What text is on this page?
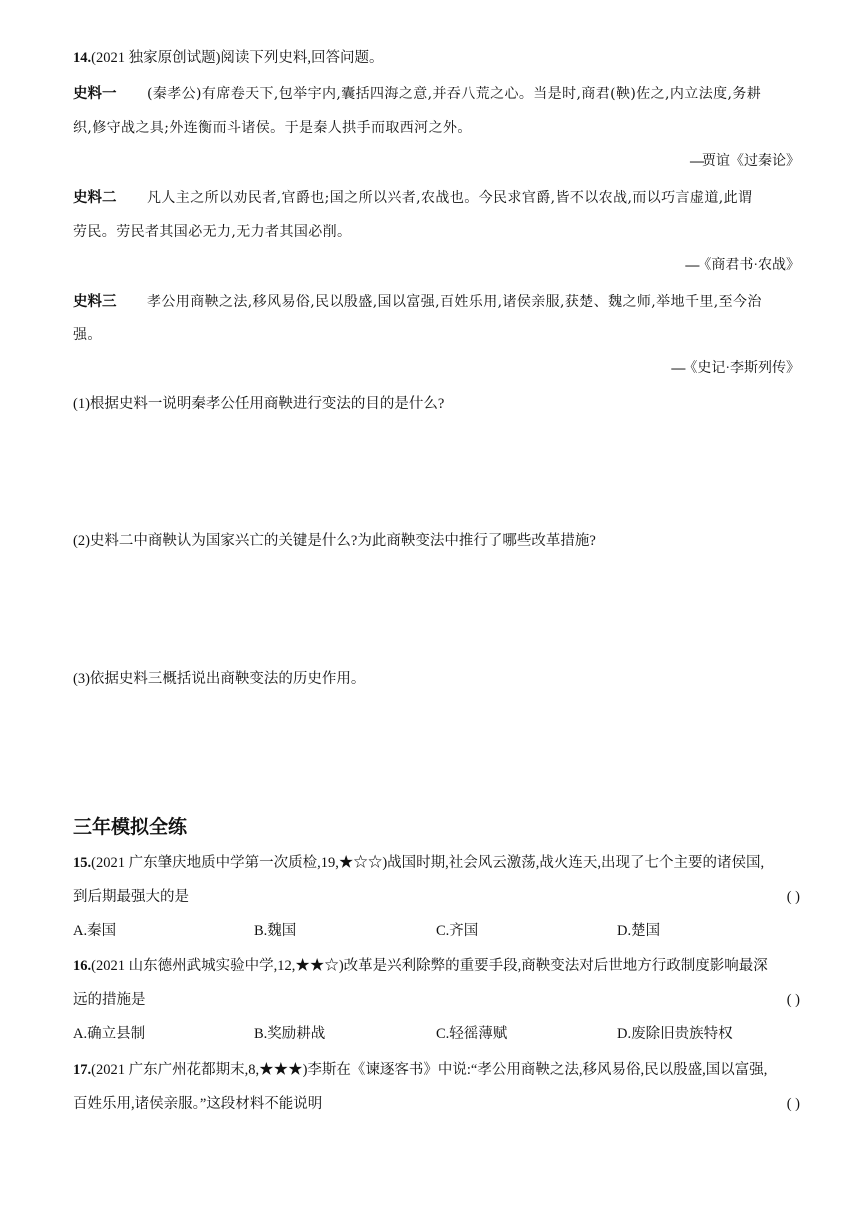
14.(2021 独家原创试题)阅读下列史料,回答问题。
史料一 (秦孝公)有席卷天下,包举宇内,囊括四海之意,并吞八荒之心。当是时,商君(鞅)佐之,内立法度,务耕
织,修守战之具;外连衡而斗诸侯。于是秦人拱手而取西河之外。
—贾谊《过秦论》
史料二 凡人主之所以劝民者,官爵也;国之所以兴者,农战也。今民求官爵,皆不以农战,而以巧言虚道,此谓
劳民。劳民者其国必无力,无力者其国必削。
—《商君书·农战》
史料三 孝公用商鞅之法,移风易俗,民以殷盛,国以富强,百姓乐用,诸侯亲服,获楚、魏之师,举地千里,至今治
强。
—《史记·李斯列传》
(1)根据史料一说明秦孝公任用商鞅进行变法的目的是什么?
(2)史料二中商鞅认为国家兴亡的关键是什么?为此商鞅变法中推行了哪些改革措施?
(3)依据史料三概括说出商鞅变法的历史作用。
三年模拟全练
15.(2021 广东肇庆地质中学第一次质检,19,★☆☆)战国时期,社会风云激荡,战火连天,出现了七个主要的诸侯国,
到后期最强大的是	( )
A.秦国	B.魏国	C.齐国	D.楚国
16.(2021 山东德州武城实验中学,12,★★☆)改革是兴利除弊的重要手段,商鞅变法对后世地方行政制度影响最深
远的措施是	( )
A.确立县制	B.奖励耕战	C.轻徭薄赋	D.废除旧贵族特权
17.(2021 广东广州花都期末,8,★★★)李斯在《谏逐客书》中说:“孝公用商鞅之法,移风易俗,民以殷盛,国以富强,
百姓乐用,诸侯亲服。”这段材料不能说明	( )
